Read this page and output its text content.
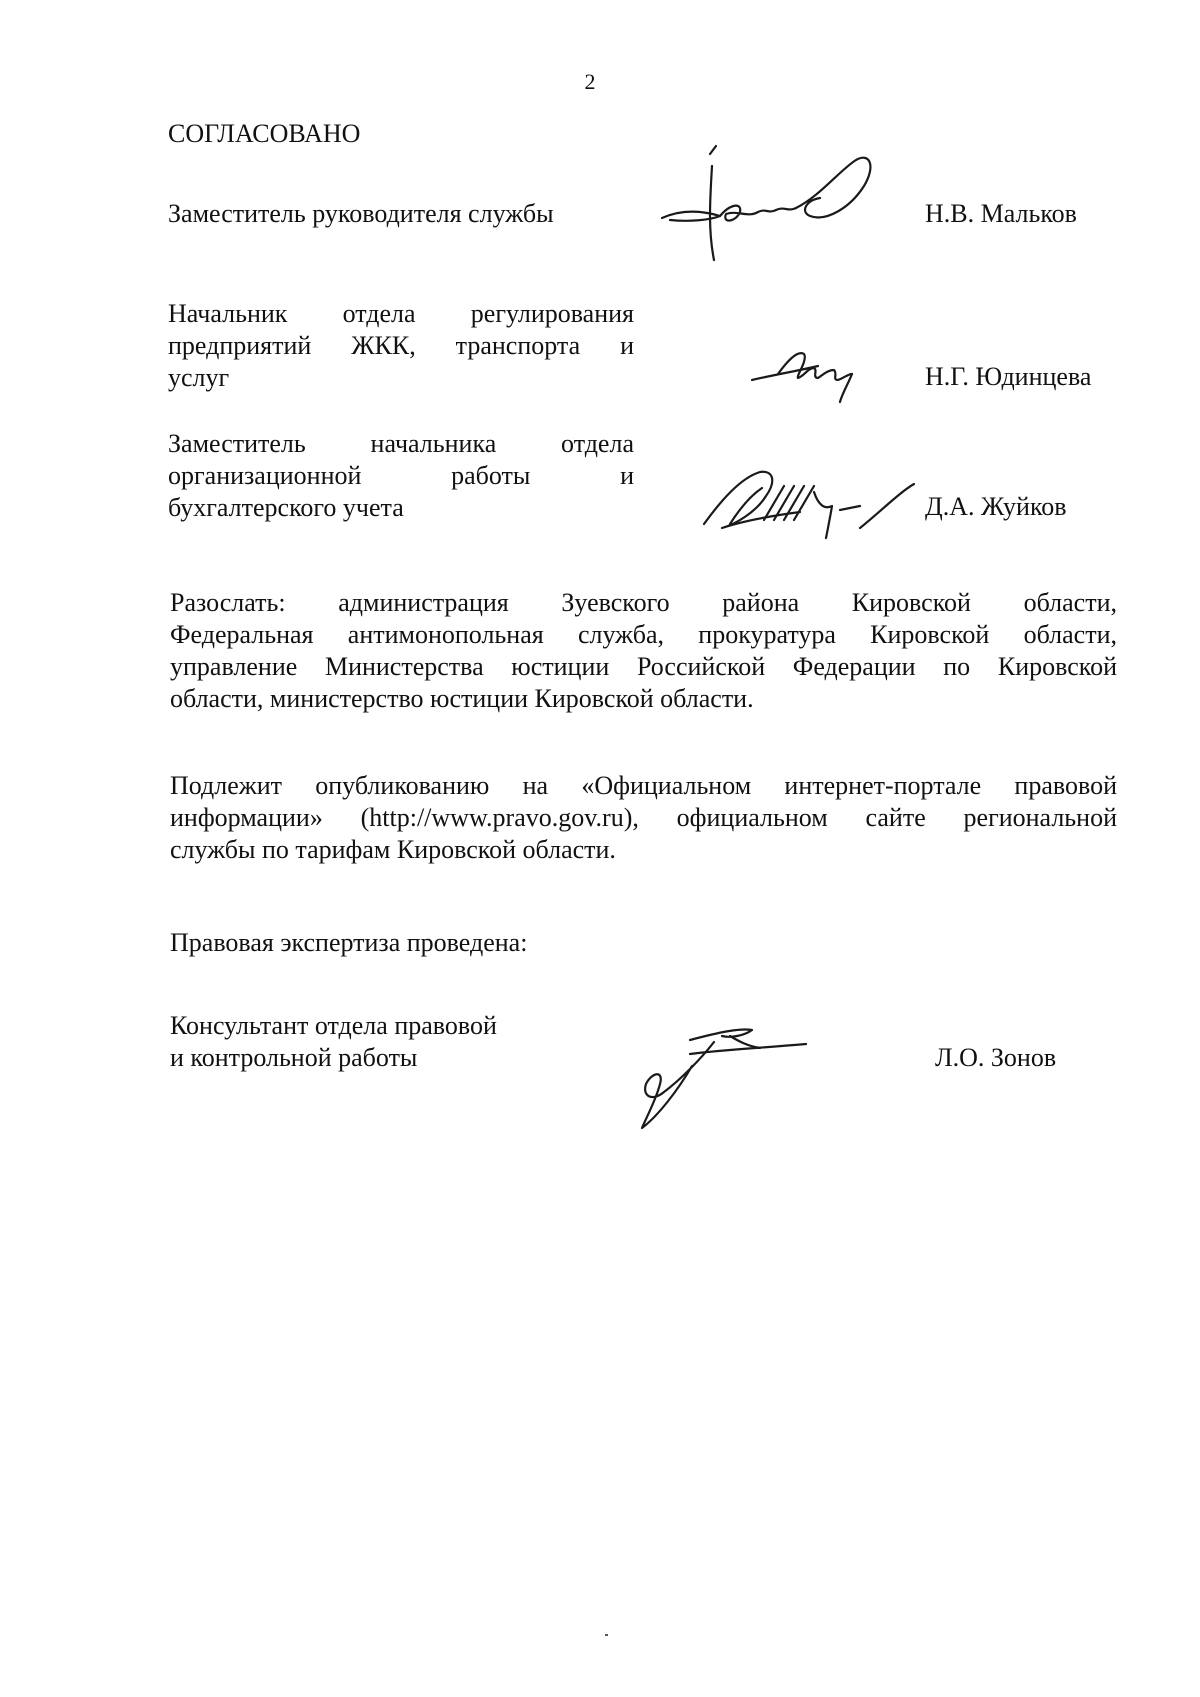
2
СОГЛАСОВАНО
Заместитель руководителя службы	Н.В. Мальков
Начальник отдела регулирования
предприятий ЖКК, транспорта и
услуг	Н.Г. Юдинцева
Заместитель начальника отдела
организационной работы и
бухгалтерского учета	Д.А. Жуйков
Разослать: администрация Зуевского района Кировской области,
Федеральная антимонопольная служба, прокуратура Кировской области,
управление Министерства юстиции Российской Федерации по Кировской
области, министерство юстиции Кировской области.
Подлежит опубликованию на «Официальном интернет-портале правовой
информации» (http://www.pravo.gov.ru), официальном сайте региональной
службы по тарифам Кировской области.
Правовая экспертиза проведена:
Консультант отдела правовой
и контрольной работы	Л.О. Зонов
